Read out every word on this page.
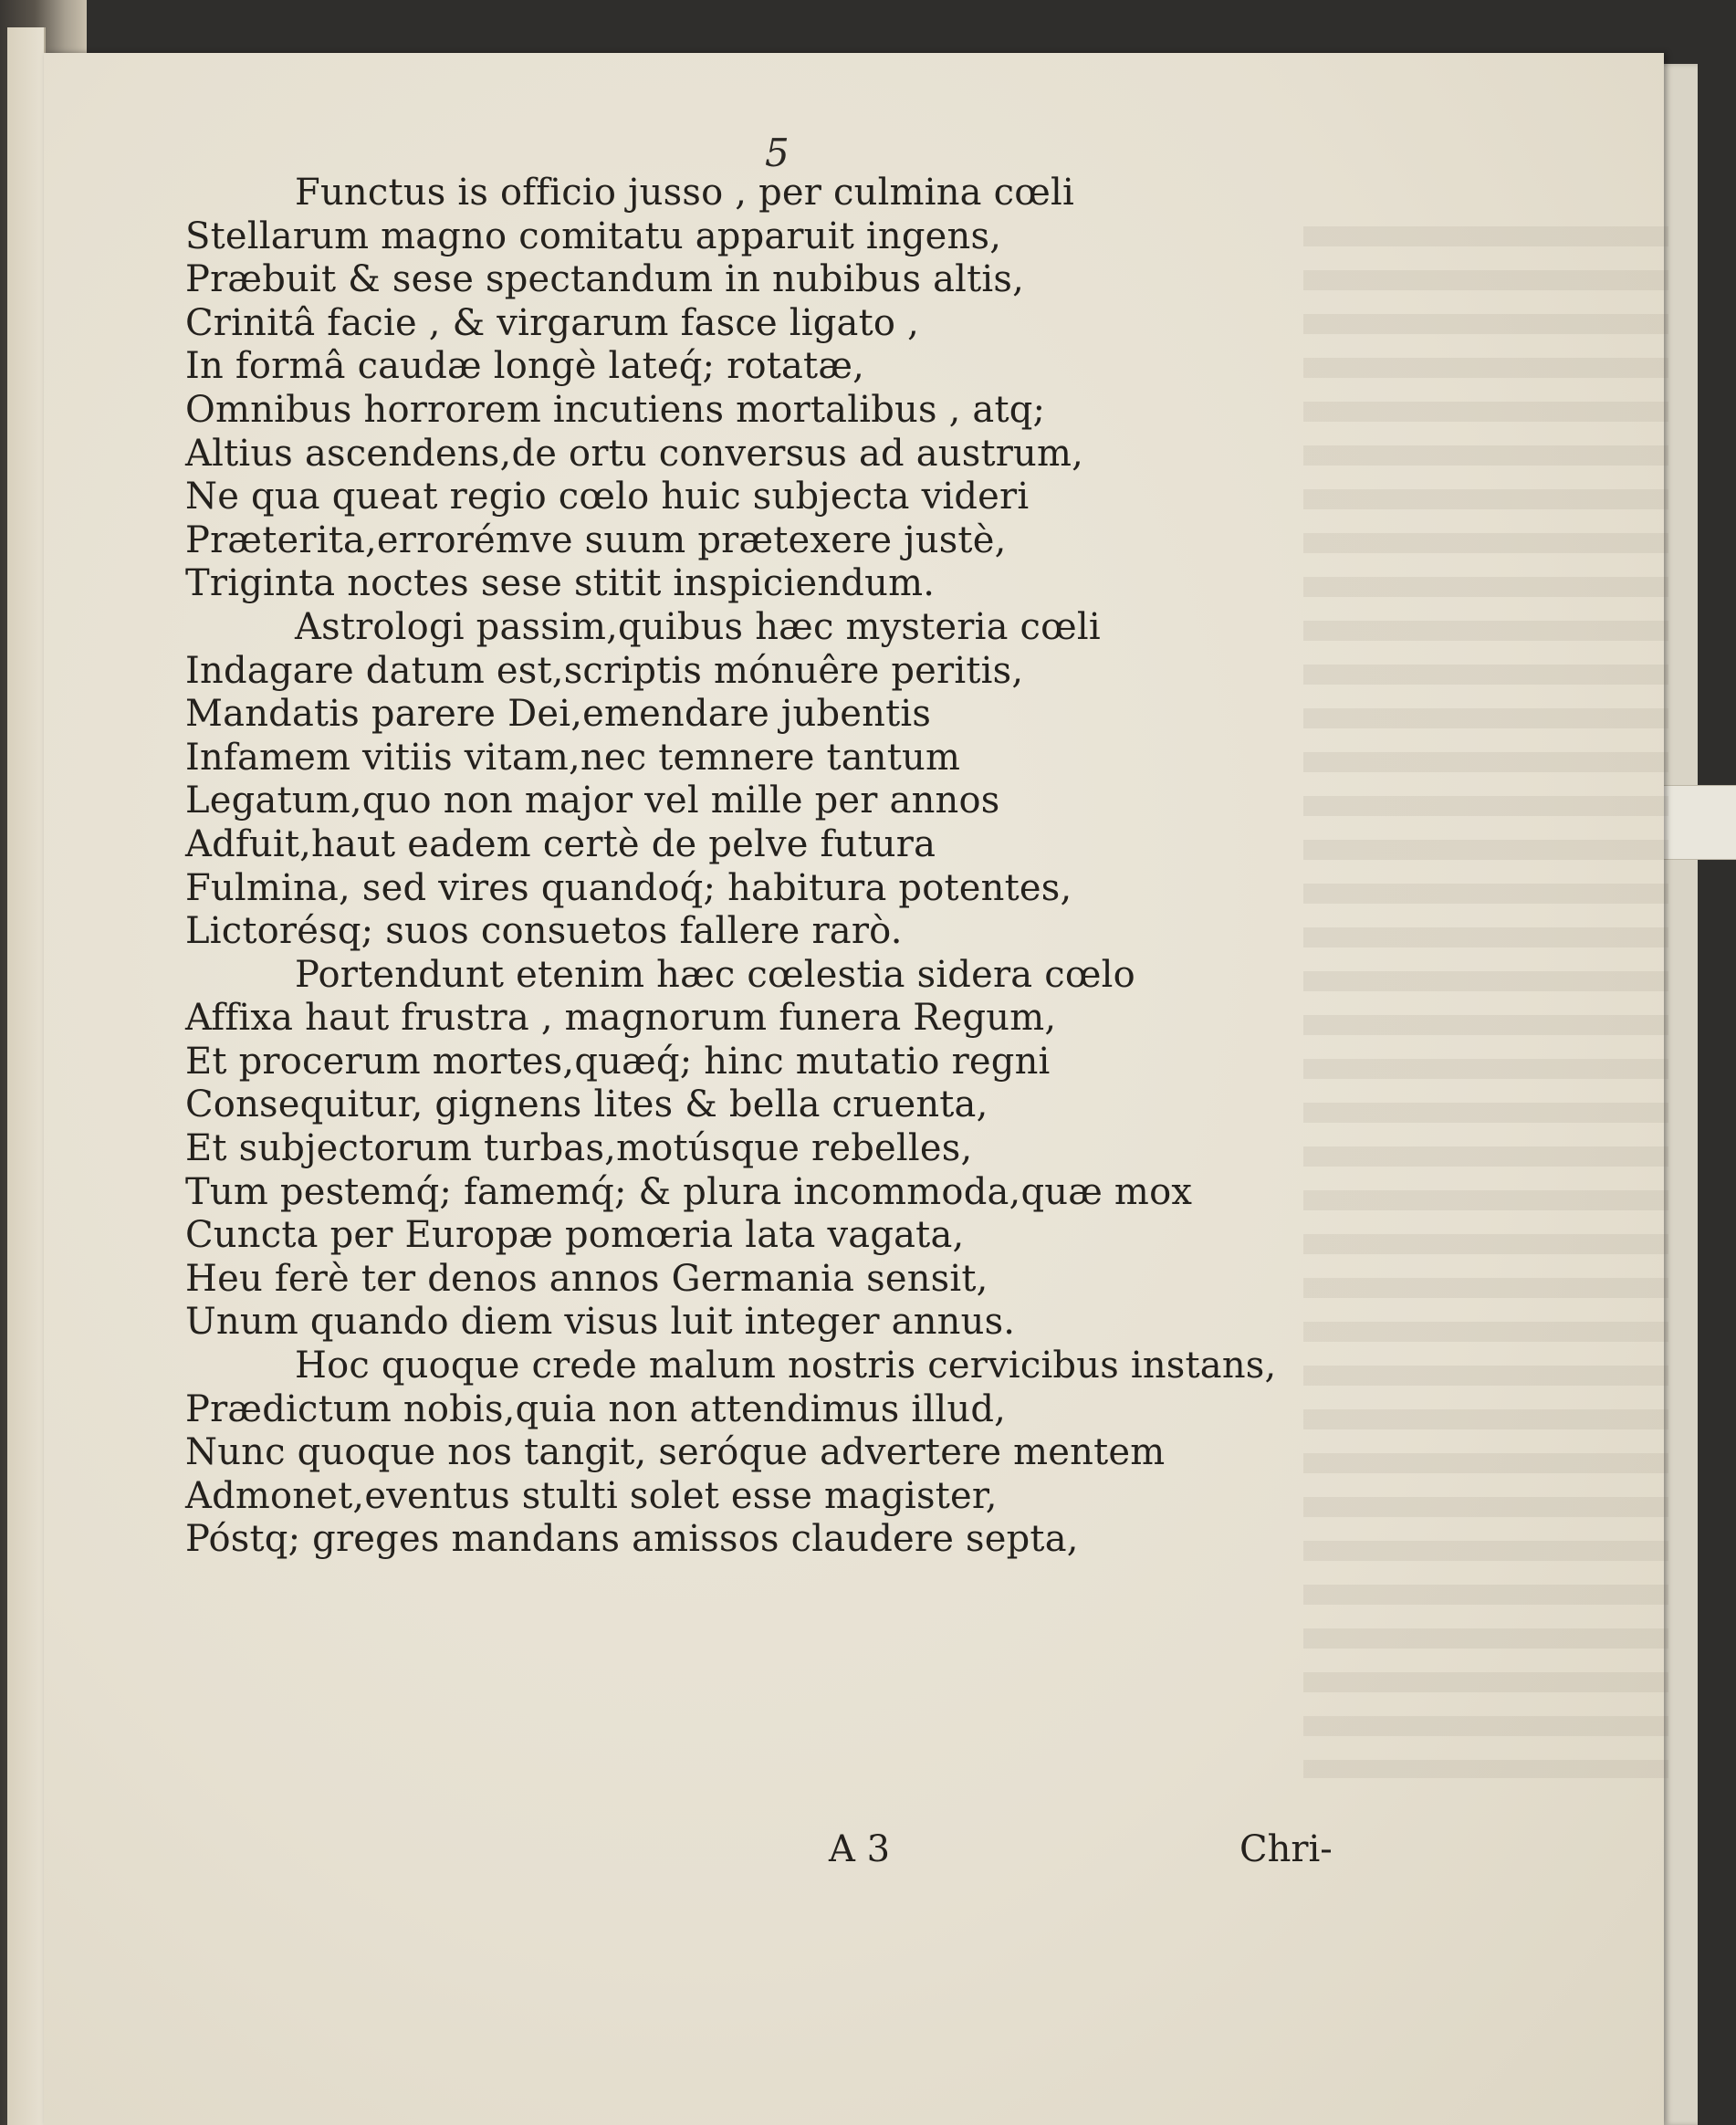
5
Functus is officio jusso , per culmina cœli
Stellarum magno comitatu apparuit ingens,
Præbuit & sese spectandum in nubibus altis,
Crinitâ facie , & virgarum fasce ligato ,
In formâ caudæ longè lateq́; rotatæ,
Omnibus horrorem incutiens mortalibus , atq;
Altius ascendens,de ortu conversus ad austrum,
Ne qua queat regio cœlo huic subjecta videri
Præterita,errorémve suum prætexere justè,
Triginta noctes sese stitit inspiciendum.
Astrologi passim,quibus hæc mysteria cœli
Indagare datum est,scriptis mónuêre peritis,
Mandatis parere Dei,emendare jubentis
Infamem vitiis vitam,nec temnere tantum
Legatum,quo non major vel mille per annos
Adfuit,haut eadem certè de pelve futura
Fulmina, sed vires quandoq́; habitura potentes,
Lictorésq; suos consuetos fallere rarò.
Portendunt etenim hæc cœlestia sidera cœlo
Affixa haut frustra , magnorum funera Regum,
Et procerum mortes,quæq́; hinc mutatio regni
Consequitur, gignens lites & bella cruenta,
Et subjectorum turbas,motúsque rebelles,
Tum pestemq́; famemq́; & plura incommoda,quæ mox
Cuncta per Europæ pomœria lata vagata,
Heu ferè ter denos annos Germania sensit,
Unum quando diem visus luit integer annus.
Hoc quoque crede malum nostris cervicibus instans,
Prædictum nobis,quia non attendimus illud,
Nunc quoque nos tangit, seróque advertere mentem
Admonet,eventus stulti solet esse magister,
Póstq; greges mandans amissos claudere septa,
A 3	Chri-
